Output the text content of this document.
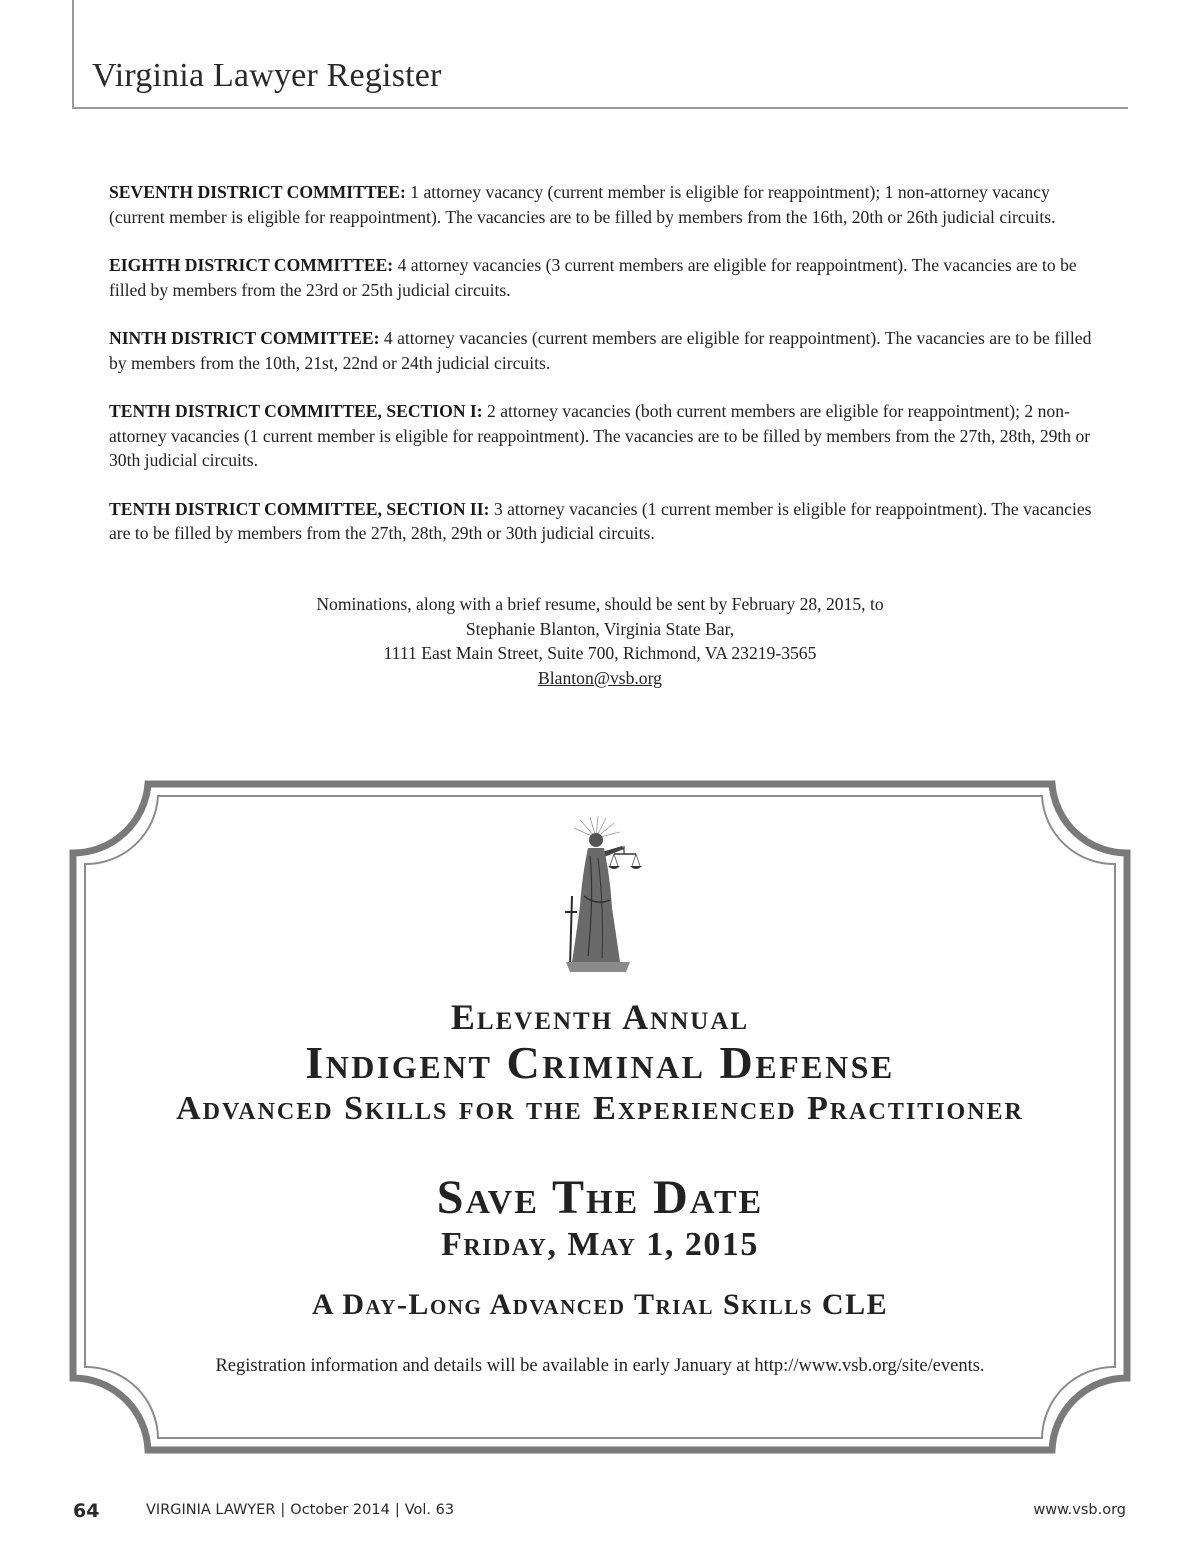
Virginia Lawyer Register

SEVENTH DISTRICT COMMITTEE: 1 attorney vacancy (current member is eligible for reappointment); 1 non-attorney vacancy (current member is eligible for reappointment). The vacancies are to be filled by members from the 16th, 20th or 26th judicial circuits.

EIGHTH DISTRICT COMMITTEE: 4 attorney vacancies (3 current members are eligible for reappointment). The vacancies are to be filled by members from the 23rd or 25th judicial circuits.

NINTH DISTRICT COMMITTEE: 4 attorney vacancies (current members are eligible for reappointment). The vacancies are to be filled by members from the 10th, 21st, 22nd or 24th judicial circuits.

TENTH DISTRICT COMMITTEE, SECTION I: 2 attorney vacancies (both current members are eligible for reappointment); 2 non-attorney vacancies (1 current member is eligible for reappointment). The vacancies are to be filled by members from the 27th, 28th, 29th or 30th judicial circuits.

TENTH DISTRICT COMMITTEE, SECTION II: 3 attorney vacancies (1 current member is eligible for reappointment). The vacancies are to be filled by members from the 27th, 28th, 29th or 30th judicial circuits.

Nominations, along with a brief resume, should be sent by February 28, 2015, to
Stephanie Blanton, Virginia State Bar,
1111 East Main Street, Suite 700, Richmond, VA 23219-3565
Blanton@vsb.org
Eleventh Annual
Indigent Criminal Defense
Advanced Skills for the Experienced Practitioner
Save The Date
Friday, May 1, 2015
A Day-Long Advanced Trial Skills CLE
Registration information and details will be available in early January at http://www.vsb.org/site/events.
64	VIRGINIA LAWYER | October 2014 | Vol. 63	www.vsb.org
